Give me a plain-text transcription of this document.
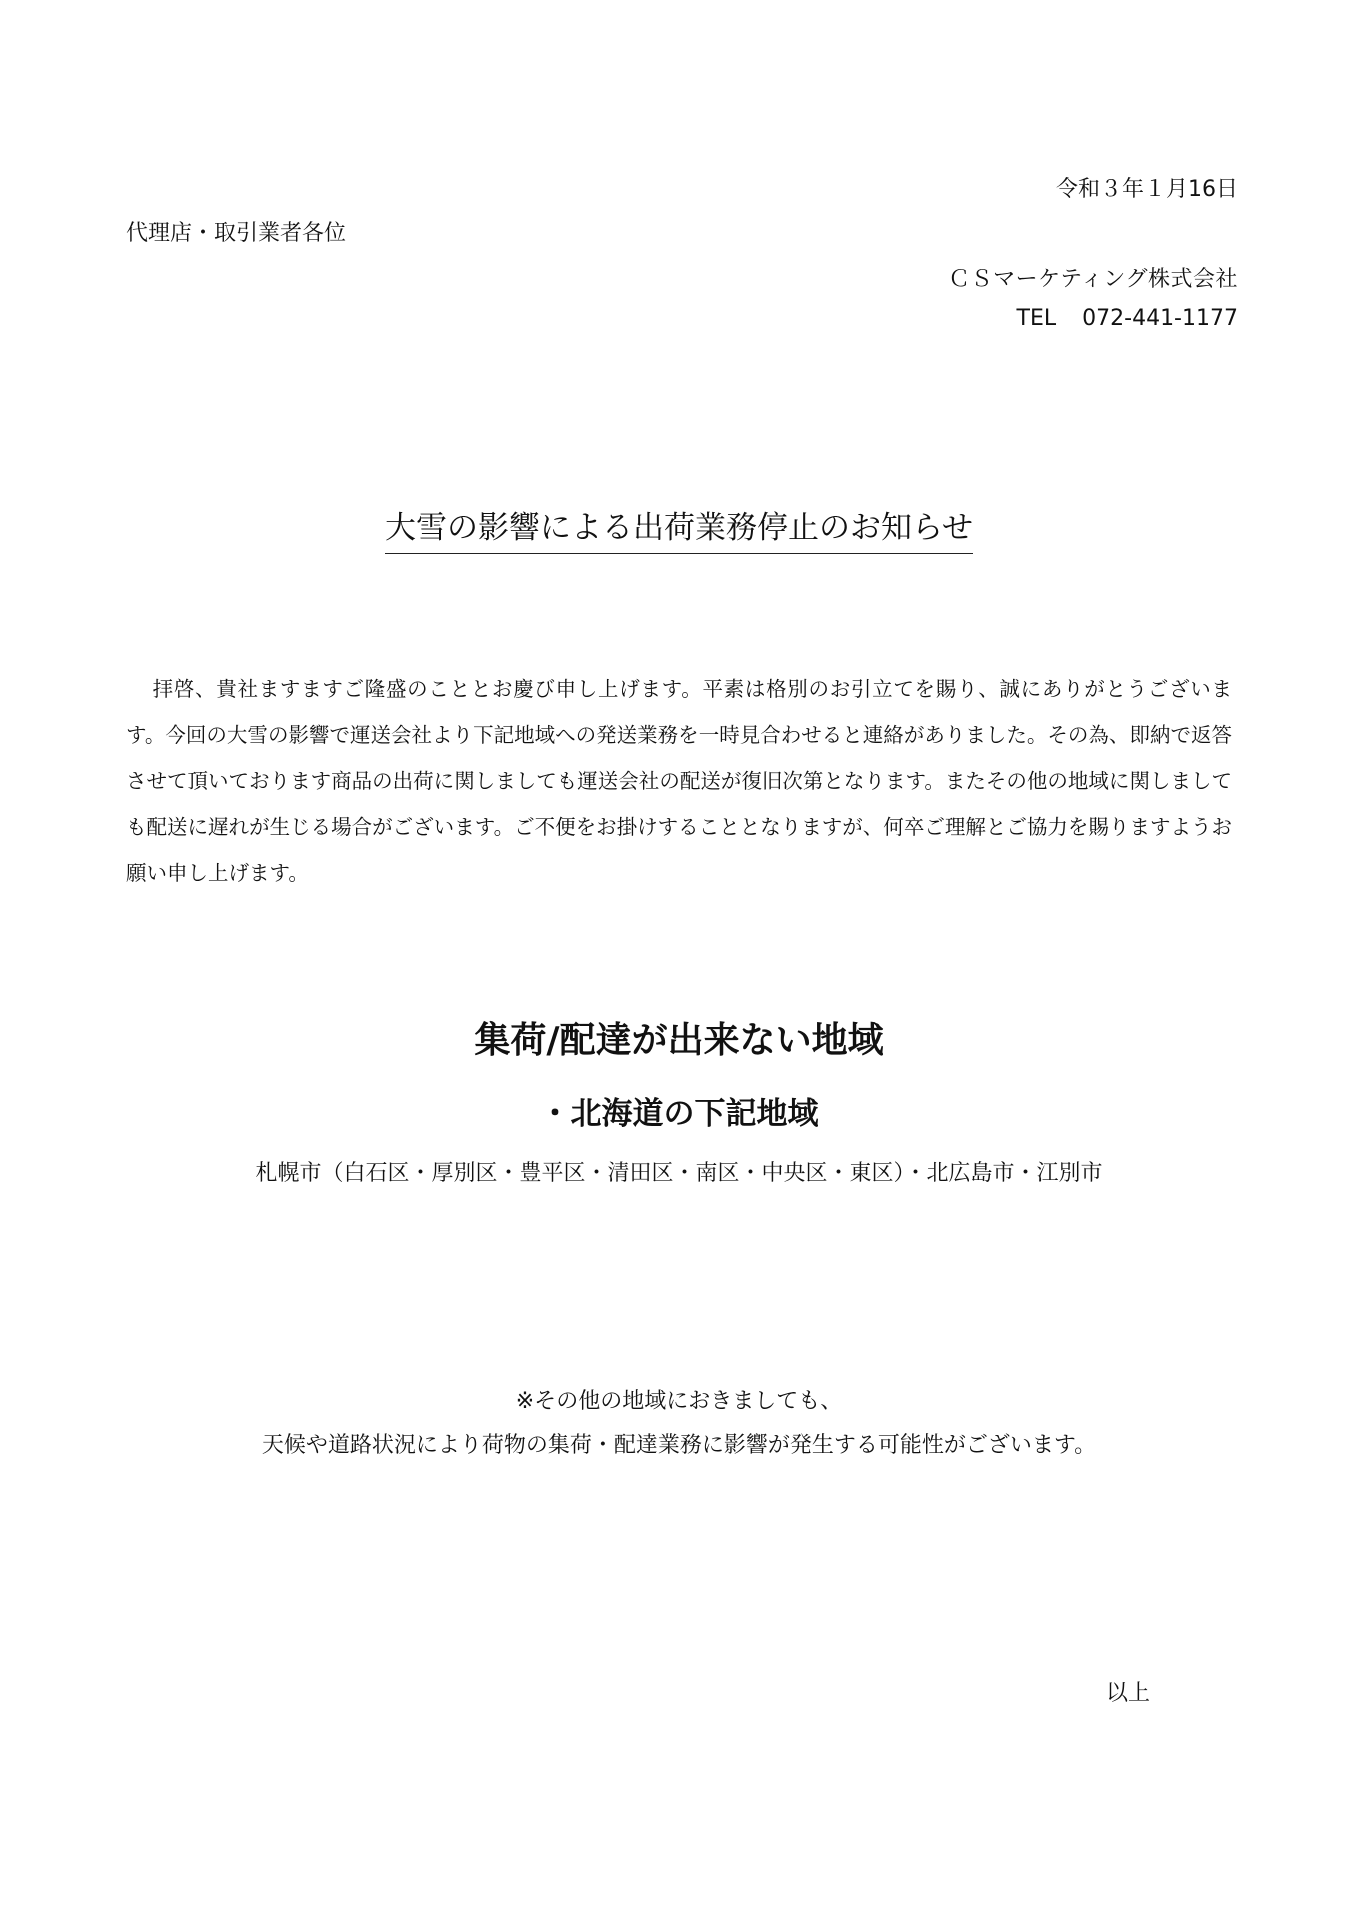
令和３年１月16日
代理店・取引業者各位
ＣＳマーケティング株式会社
TEL 072-441-1177
大雪の影響による出荷業務停止のお知らせ
拝啓、貴社ますますご隆盛のこととお慶び申し上げます。平素は格別のお引立てを賜り、誠にありがとうございます。今回の大雪の影響で運送会社より下記地域への発送業務を一時見合わせると連絡がありました。その為、即納で返答させて頂いております商品の出荷に関しましても運送会社の配送が復旧次第となります。またその他の地域に関しましても配送に遅れが生じる場合がございます。ご不便をお掛けすることとなりますが、何卒ご理解とご協力を賜りますようお願い申し上げます。
集荷/配達が出来ない地域
・北海道の下記地域
札幌市（白石区・厚別区・豊平区・清田区・南区・中央区・東区）・北広島市・江別市
※その他の地域におきましても、
天候や道路状況により荷物の集荷・配達業務に影響が発生する可能性がございます。
以上
